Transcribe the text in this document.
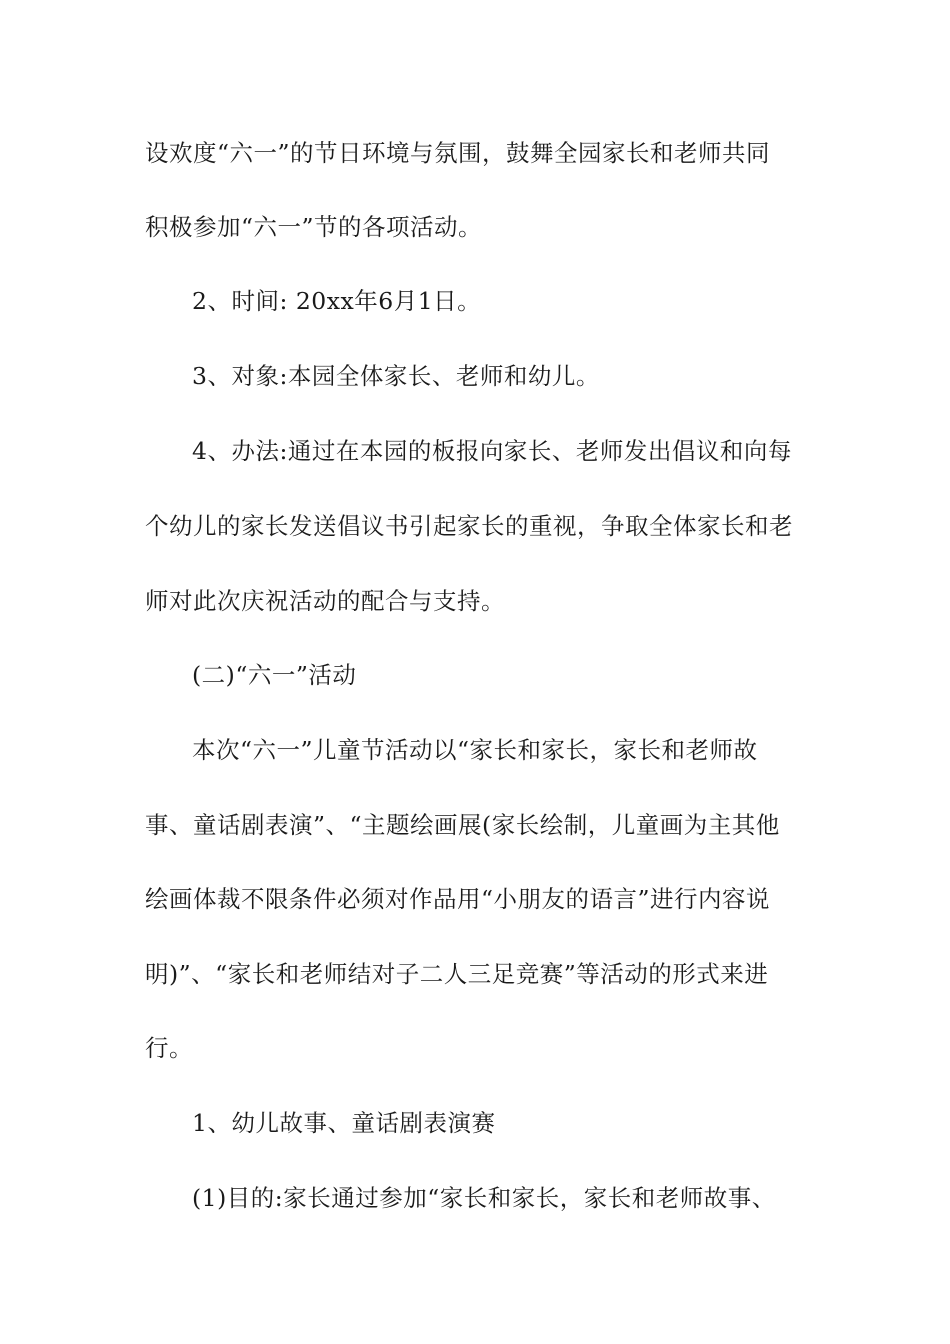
设欢度“六一”的节日环境与氛围，鼓舞全园家长和老师共同

积极参加“六一”节的各项活动。

2、时间: 20xx年6月1日。

3、对象:本园全体家长、老师和幼儿。

4、办法:通过在本园的板报向家长、老师发出倡议和向每

个幼儿的家长发送倡议书引起家长的重视，争取全体家长和老

师对此次庆祝活动的配合与支持。

(二)“六一”活动

本次“六一”儿童节活动以“家长和家长，家长和老师故

事、童话剧表演”、“主题绘画展(家长绘制，儿童画为主其他

绘画体裁不限条件必须对作品用“小朋友的语言”进行内容说

明)”、“家长和老师结对子二人三足竞赛”等活动的形式来进

行。

1、幼儿故事、童话剧表演赛

(1)目的:家长通过参加“家长和家长，家长和老师故事、
